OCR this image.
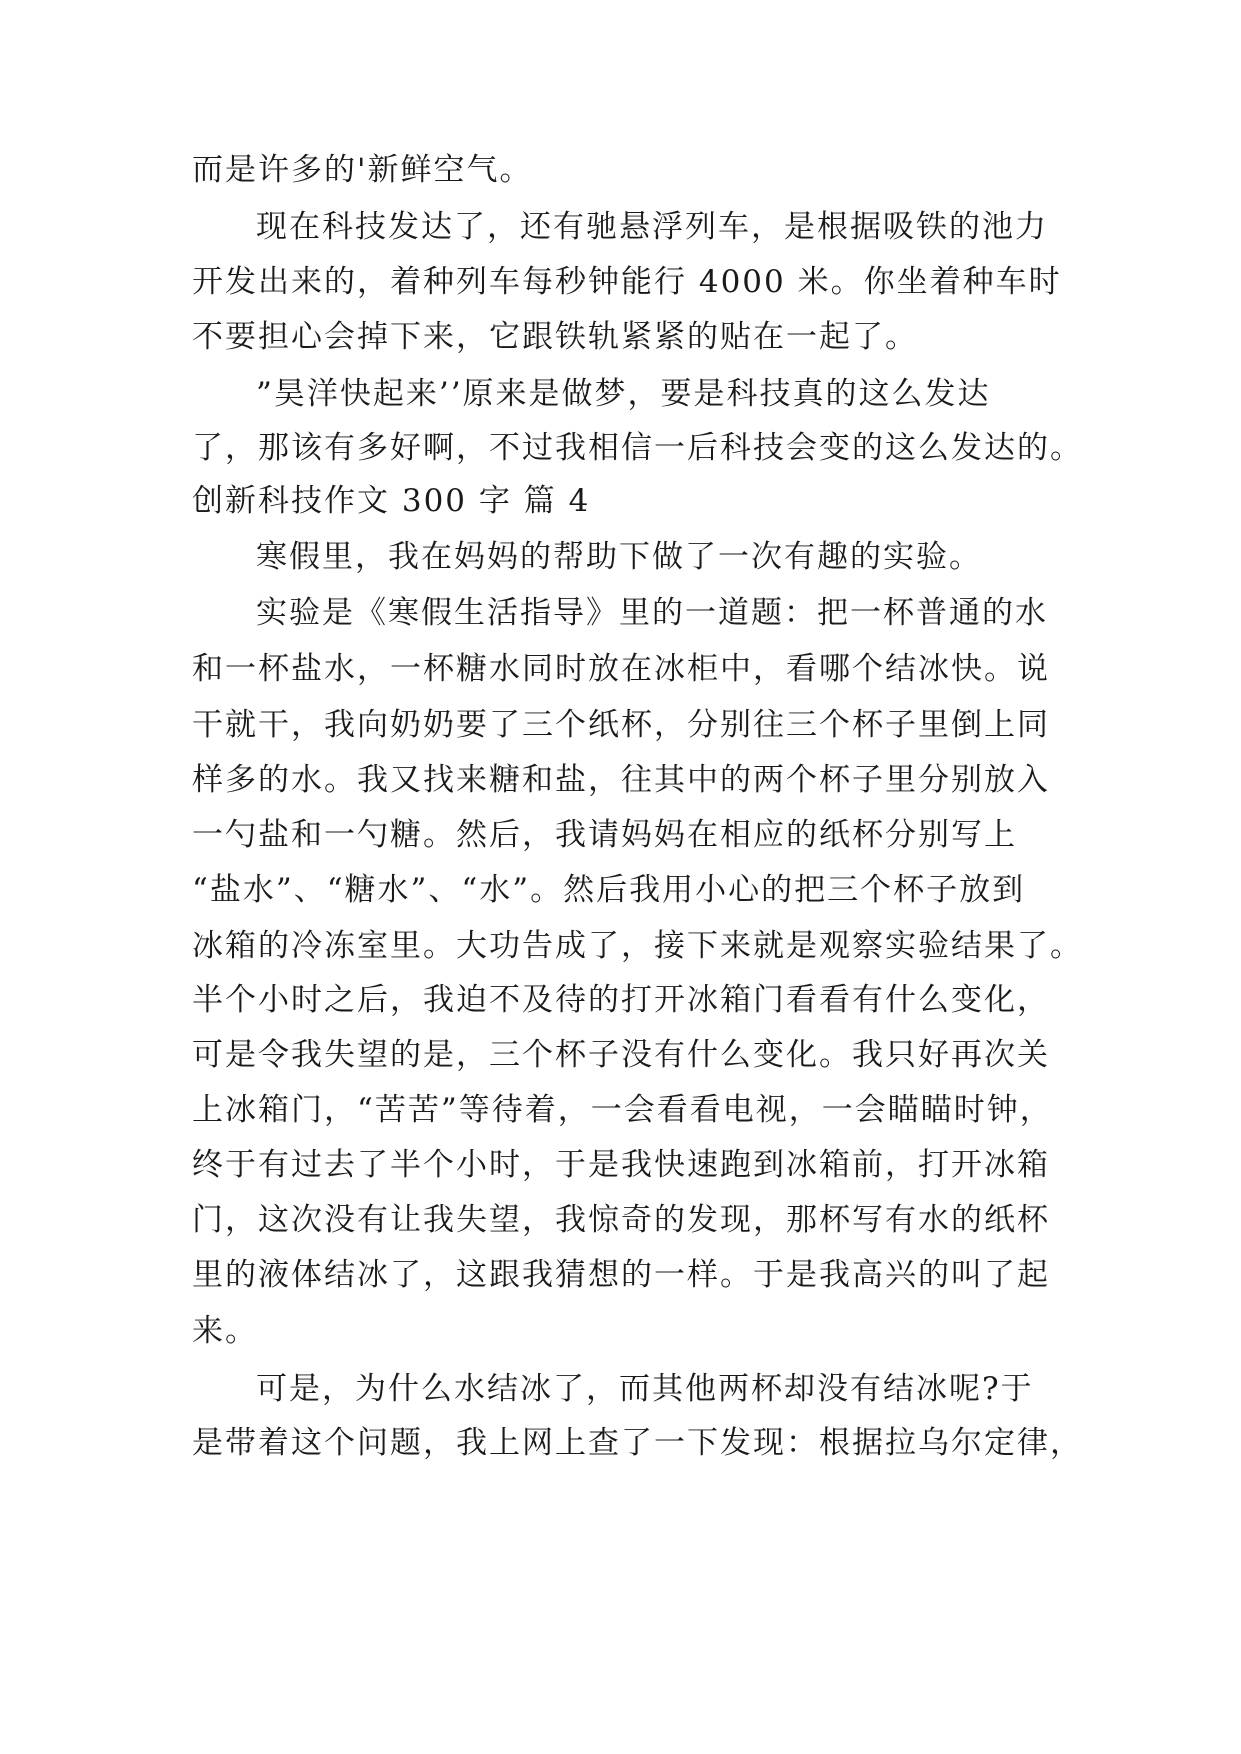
而是许多的'新鲜空气。
现在科技发达了，还有驰悬浮列车，是根据吸铁的池力
开发出来的，着种列车每秒钟能行 4000 米。你坐着种车时
不要担心会掉下来，它跟铁轨紧紧的贴在一起了。
”昊洋快起来’’原来是做梦，要是科技真的这么发达
了，那该有多好啊，不过我相信一后科技会变的这么发达的。
创新科技作文 300 字 篇 4
寒假里，我在妈妈的帮助下做了一次有趣的实验。
实验是《寒假生活指导》里的一道题：把一杯普通的水
和一杯盐水，一杯糖水同时放在冰柜中，看哪个结冰快。说
干就干，我向奶奶要了三个纸杯，分别往三个杯子里倒上同
样多的水。我又找来糖和盐，往其中的两个杯子里分别放入
一勺盐和一勺糖。然后，我请妈妈在相应的纸杯分别写上
“盐水”、“糖水”、“水”。然后我用小心的把三个杯子放到
冰箱的冷冻室里。大功告成了，接下来就是观察实验结果了。
半个小时之后，我迫不及待的打开冰箱门看看有什么变化，
可是令我失望的是，三个杯子没有什么变化。我只好再次关
上冰箱门，“苦苦”等待着，一会看看电视，一会瞄瞄时钟，
终于有过去了半个小时，于是我快速跑到冰箱前，打开冰箱
门，这次没有让我失望，我惊奇的发现，那杯写有水的纸杯
里的液体结冰了，这跟我猜想的一样。于是我高兴的叫了起
来。
可是，为什么水结冰了，而其他两杯却没有结冰呢?于
是带着这个问题，我上网上查了一下发现：根据拉乌尔定律，
